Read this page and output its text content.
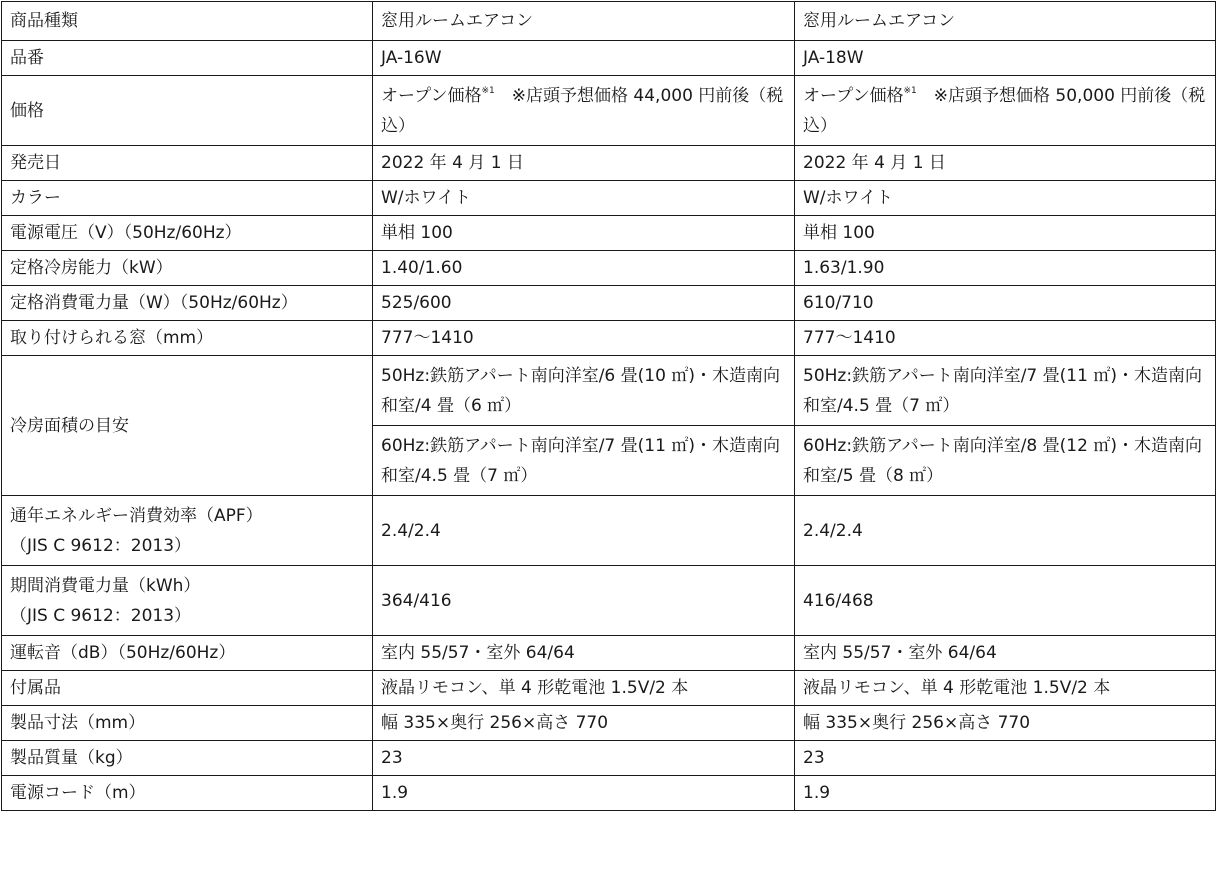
商品種類	窓用ルームエアコン	窓用ルームエアコン
品番	JA-16W	JA-18W
価格	オープン価格$^{※1}$　※店頭予想価格 44,000 円前後（税込）	オープン価格$^{※1}$　※店頭予想価格 50,000 円前後（税込）
発売日	2022 年 4 月 1 日	2022 年 4 月 1 日
カラー	W/ホワイト	W/ホワイト
電源電圧（V）（50Hz/60Hz）	単相 100	単相 100
定格冷房能力（kW）	1.40/1.60	1.63/1.90
定格消費電力量（W）（50Hz/60Hz）	525/600	610/710
取り付けられる窓（mm）	777〜1410	777〜1410
冷房面積の目安	50Hz:鉄筋アパート南向洋室/6 畳(10 ㎡)・木造南向和室/4 畳（6 ㎡）	50Hz:鉄筋アパート南向洋室/7 畳(11 ㎡)・木造南向和室/4.5 畳（7 ㎡）
	60Hz:鉄筋アパート南向洋室/7 畳(11 ㎡)・木造南向和室/4.5 畳（7 ㎡）	60Hz:鉄筋アパート南向洋室/8 畳(12 ㎡)・木造南向和室/5 畳（8 ㎡）

通年エネルギー消費効率（APF）
（JIS C 9612：2013）	2.4/2.4	2.4/2.4

期間消費電力量（kWh）
（JIS C 9612：2013）	364/416	416/468
運転音（dB）（50Hz/60Hz）	室内 55/57・室外 64/64	室内 55/57・室外 64/64
付属品	液晶リモコン、単 4 形乾電池 1.5V/2 本	液晶リモコン、単 4 形乾電池 1.5V/2 本
製品寸法（mm）	幅 335×奥行 256×高さ 770	幅 335×奥行 256×高さ 770
製品質量（kg）	23	23
電源コード（m）	1.9	1.9
